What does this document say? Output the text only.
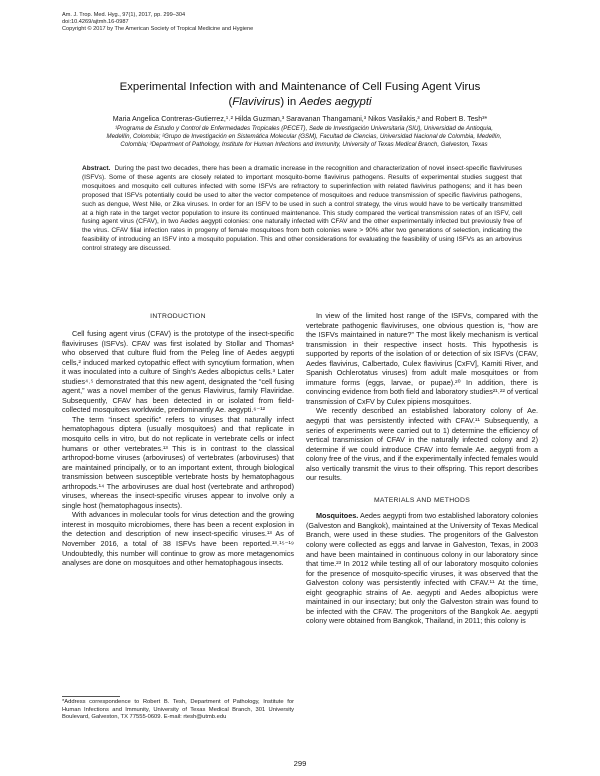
Am. J. Trop. Med. Hyg., 97(1), 2017, pp. 299–304
doi:10.4269/ajtmh.16-0987
Copyright © 2017 by The American Society of Tropical Medicine and Hygiene
Experimental Infection with and Maintenance of Cell Fusing Agent Virus
(Flavivirus) in Aedes aegypti
Maria Angelica Contreras-Gutierrez,¹˒² Hilda Guzman,³ Saravanan Thangamani,³ Nikos Vasilakis,³ and Robert B. Tesh³*
¹Programa de Estudio y Control de Enfermedades Tropicales (PECET), Sede de Investigación Universitaria (SIU), Universidad de Antioquia,
Medellín, Colombia; ²Grupo de Investigación en Sistemática Molecular (GSM), Facultad de Ciencias, Universidad Nacional de Colombia, Medellín,
Colombia; ³Department of Pathology, Institute for Human Infections and Immunity, University of Texas Medical Branch, Galveston, Texas
Abstract. During the past two decades, there has been a dramatic increase in the recognition and characterization of novel insect-specific flaviviruses (ISFVs). Some of these agents are closely related to important mosquito-borne flavivirus pathogens. Results of experimental studies suggest that mosquitoes and mosquito cell cultures infected with some ISFVs are refractory to superinfection with related flavivirus pathogens; and it has been proposed that ISFVs potentially could be used to alter the vector competence of mosquitoes and reduce transmission of specific flavivirus pathogens, such as dengue, West Nile, or Zika viruses. In order for an ISFV to be used in such a control strategy, the virus would have to be vertically transmitted at a high rate in the target vector population to insure its continued maintenance. This study compared the vertical transmission rates of an ISFV, cell fusing agent virus (CFAV), in two Aedes aegypti colonies: one naturally infected with CFAV and the other experimentally infected but previously free of the virus. CFAV filial infection rates in progeny of female mosquitoes from both colonies were > 90% after two generations of selection, indicating the feasibility of introducing an ISFV into a mosquito population. This and other considerations for evaluating the feasibility of using ISFVs as an arbovirus control strategy are discussed.
INTRODUCTION

Cell fusing agent virus (CFAV) is the prototype of the insect-specific flaviviruses (ISFVs). CFAV was first isolated by Stollar and Thomas¹ who observed that culture fluid from the Peleg line of Aedes aegypti cells,² induced marked cytopathic effect with syncytium formation, when it was inoculated into a culture of Singh’s Aedes albopictus cells.³ Later studies⁴˒⁵ demonstrated that this new agent, designated the “cell fusing agent,” was a novel member of the genus Flavivirus, family Flaviridae. Subsequently, CFAV has been detected in or isolated from field-collected mosquitoes worldwide, predominantly Ae. aegypti.⁶⁻¹²

The term “insect specific” refers to viruses that naturally infect hematophagous diptera (usually mosquitoes) and that replicate in mosquito cells in vitro, but do not replicate in vertebrate cells or infect humans or other vertebrates.¹³ This is in contrast to the classical arthropod-borne viruses (arboviruses) of vertebrates (arboviruses) that are maintained principally, or to an important extent, through biological transmission between susceptible vertebrate hosts by hematophagous arthropods.¹⁴ The arboviruses are dual host (vertebrate and arthropod) viruses, whereas the insect-specific viruses appear to involve only a single host (hematophagous insects).

With advances in molecular tools for virus detection and the growing interest in mosquito microbiomes, there has been a recent explosion in the detection and description of new insect-specific viruses.¹³ As of November 2016, a total of 38 ISFVs have been reported.¹³˒¹⁵⁻¹⁹ Undoubtedly, this number will continue to grow as more metagenomics analyses are done on mosquitoes and other hematophagous insects.

*Address correspondence to Robert B. Tesh, Department of Pathology, Institute for Human Infections and Immunity, University of Texas Medical Branch, 301 University Boulevard, Galveston, TX 77555-0609. E-mail: rtesh@utmb.edu

In view of the limited host range of the ISFVs, compared with the vertebrate pathogenic flaviviruses, one obvious question is, “how are the ISFVs maintained in nature?” The most likely mechanism is vertical transmission in their respective insect hosts. This hypothesis is supported by reports of the isolation of or detection of six ISFVs (CFAV, Aedes flavivirus, Calbertado, Culex flavivirus [CxFV], Kamiti River, and Spanish Ochlerotatus viruses) from adult male mosquitoes or from immature forms (eggs, larvae, or pupae).²⁰ In addition, there is convincing evidence from both field and laboratory studies²¹˒²² of vertical transmission of CxFV by Culex pipiens mosquitoes.

We recently described an established laboratory colony of Ae. aegypti that was persistently infected with CFAV.¹¹ Subsequently, a series of experiments were carried out to 1) determine the efficiency of vertical transmission of CFAV in the naturally infected colony and 2) determine if we could introduce CFAV into female Ae. aegypti from a colony free of the virus, and if the experimentally infected females would also vertically transmit the virus to their offspring. This report describes our results.

MATERIALS AND METHODS

Mosquitoes. Aedes aegypti from two established laboratory colonies (Galveston and Bangkok), maintained at the University of Texas Medical Branch, were used in these studies. The progenitors of the Galveston colony were collected as eggs and larvae in Galveston, Texas, in 2003 and have been maintained in continuous colony in our laboratory since that time.²³ In 2012 while testing all of our laboratory mosquito colonies for the presence of mosquito-specific viruses, it was observed that the Galveston colony was persistently infected with CFAV.¹¹ At the time, eight geographic strains of Ae. aegypti and Aedes albopictus were maintained in our insectary; but only the Galveston strain was found to be infected with the CFAV. The progenitors of the Bangkok Ae. aegypti colony were obtained from Bangkok, Thailand, in 2011; this colony is

299
